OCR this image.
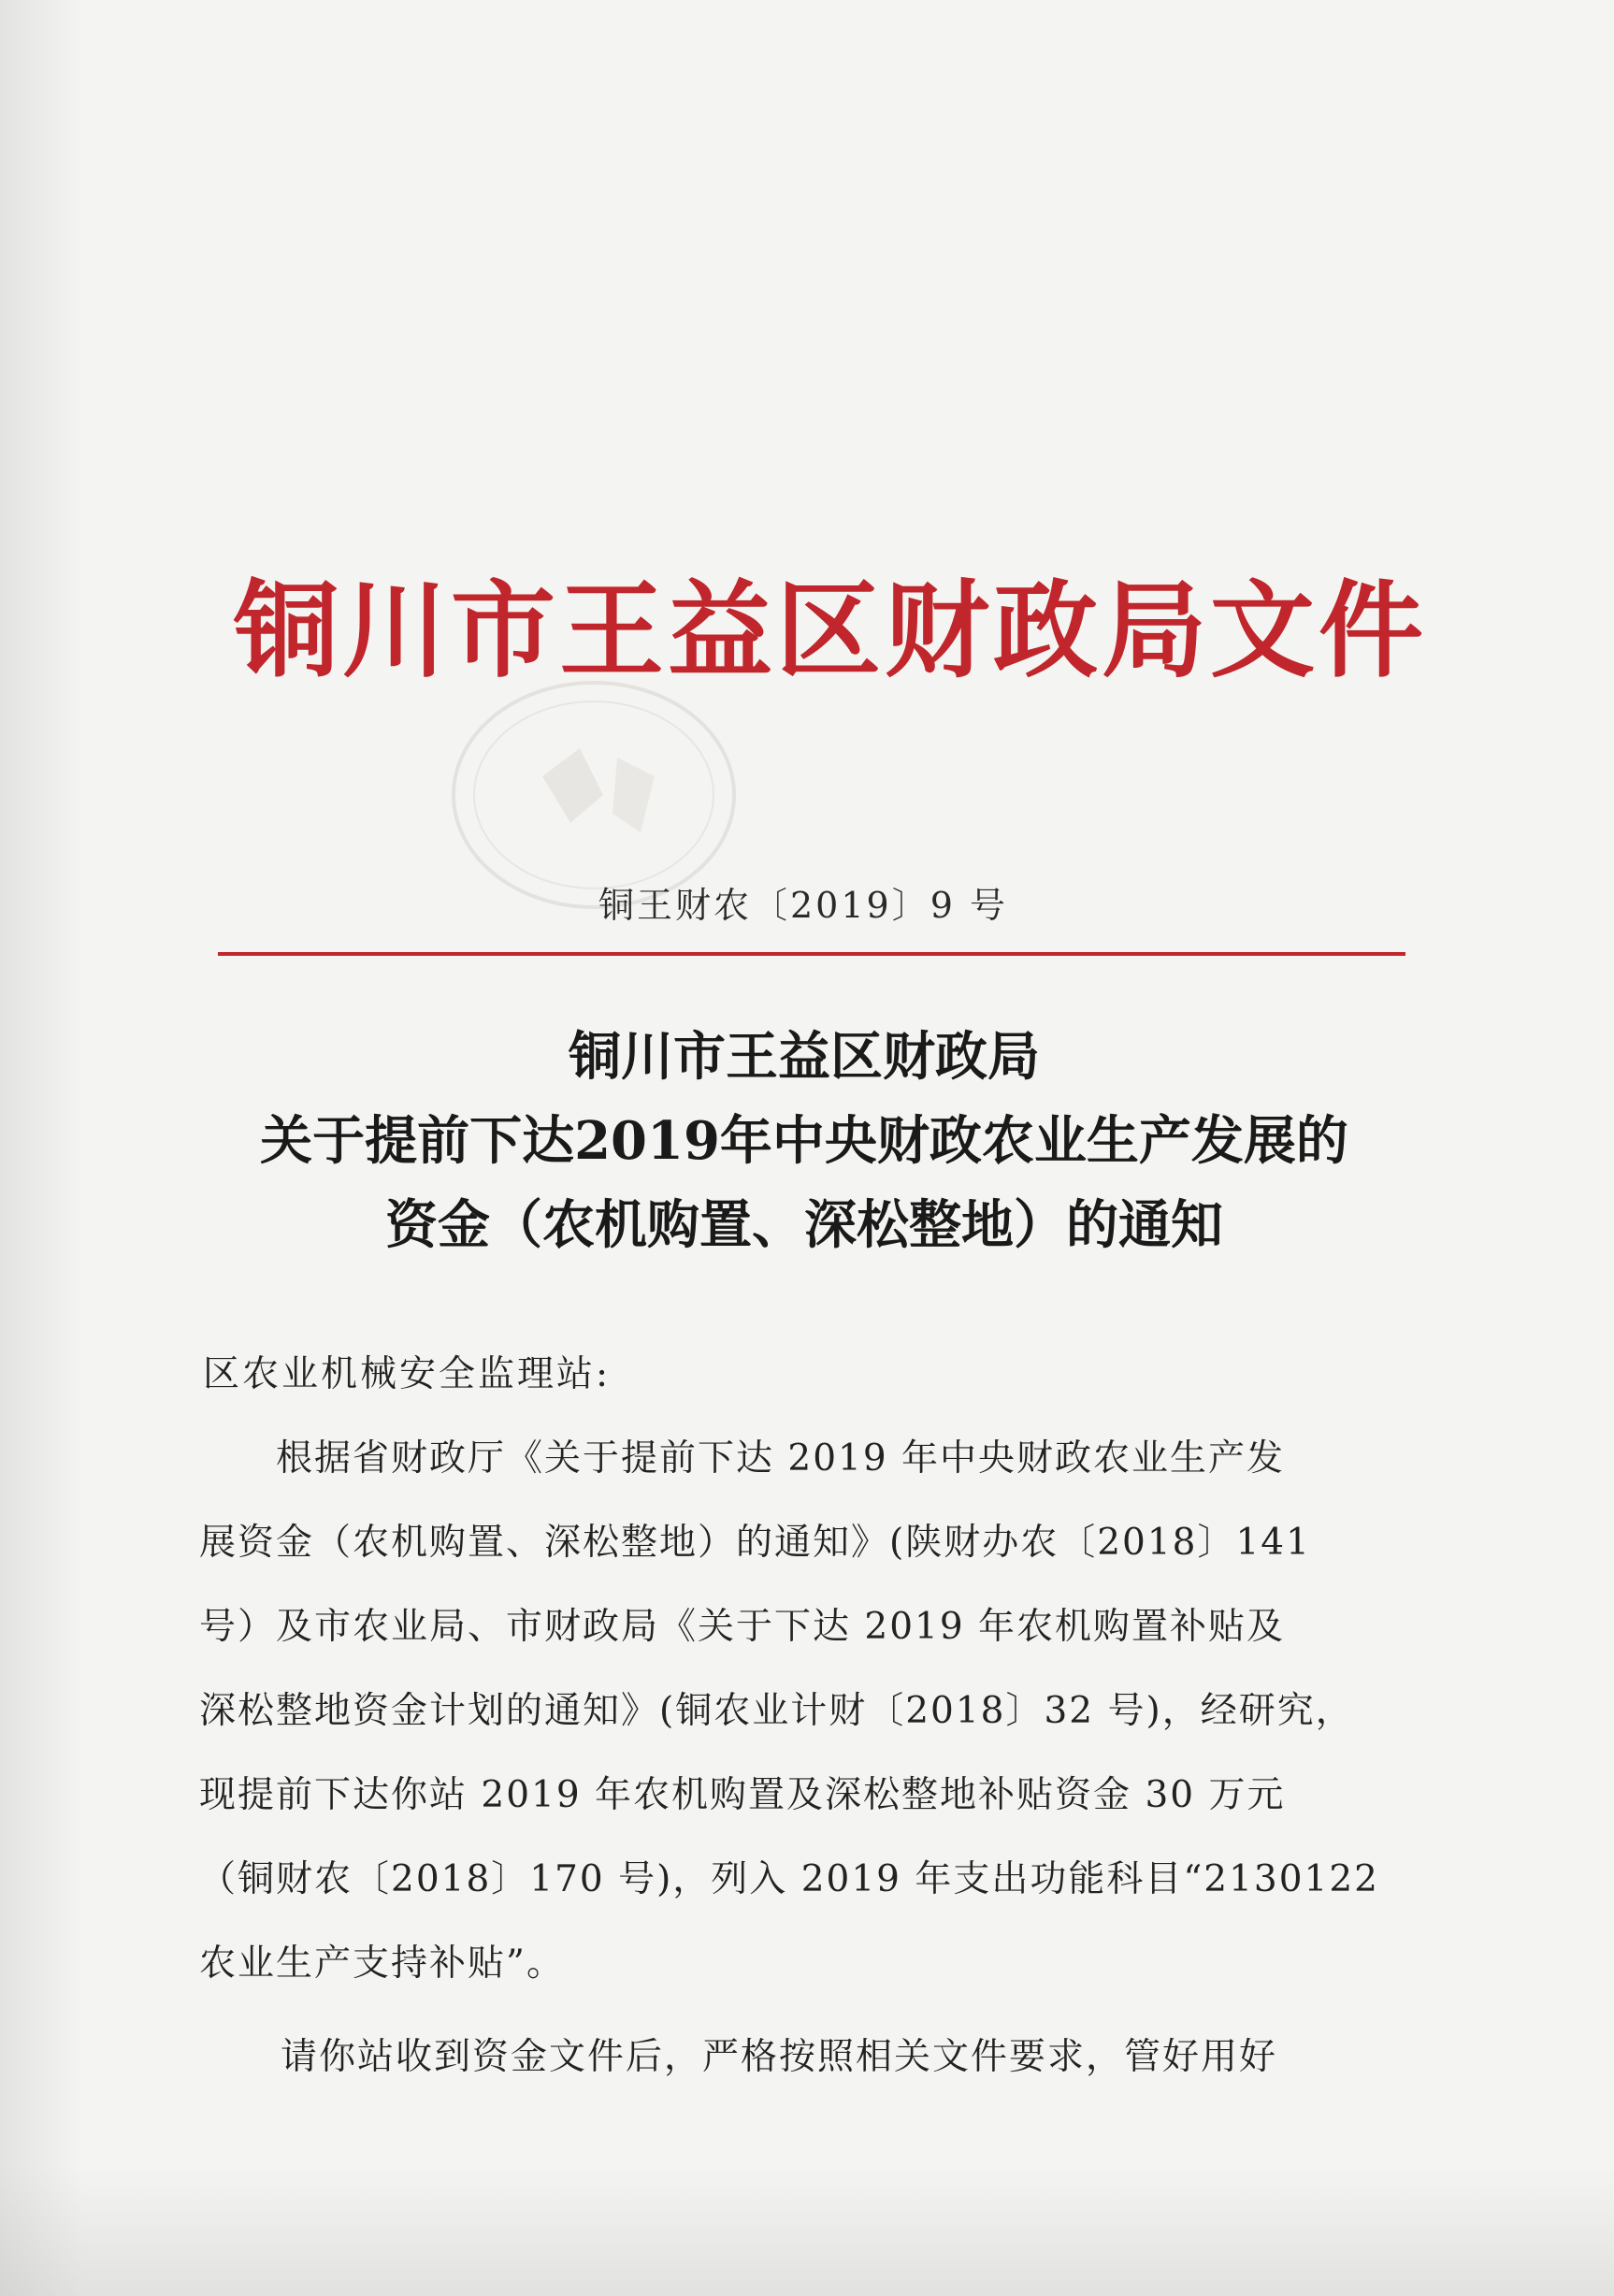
铜川市王益区财政局文件
铜王财农〔2019〕9 号
铜川市王益区财政局
关于提前下达2019年中央财政农业生产发展的
资金（农机购置、深松整地）的通知
区农业机械安全监理站:
根据省财政厅《关于提前下达 2019 年中央财政农业生产发
展资金（农机购置、深松整地）的通知》(陕财办农〔2018〕141
号）及市农业局、市财政局《关于下达 2019 年农机购置补贴及
深松整地资金计划的通知》(铜农业计财〔2018〕32 号)，经研究，
现提前下达你站 2019 年农机购置及深松整地补贴资金 30 万元
（铜财农〔2018〕170 号)，列入 2019 年支出功能科目“2130122
农业生产支持补贴”。
请你站收到资金文件后，严格按照相关文件要求，管好用好
